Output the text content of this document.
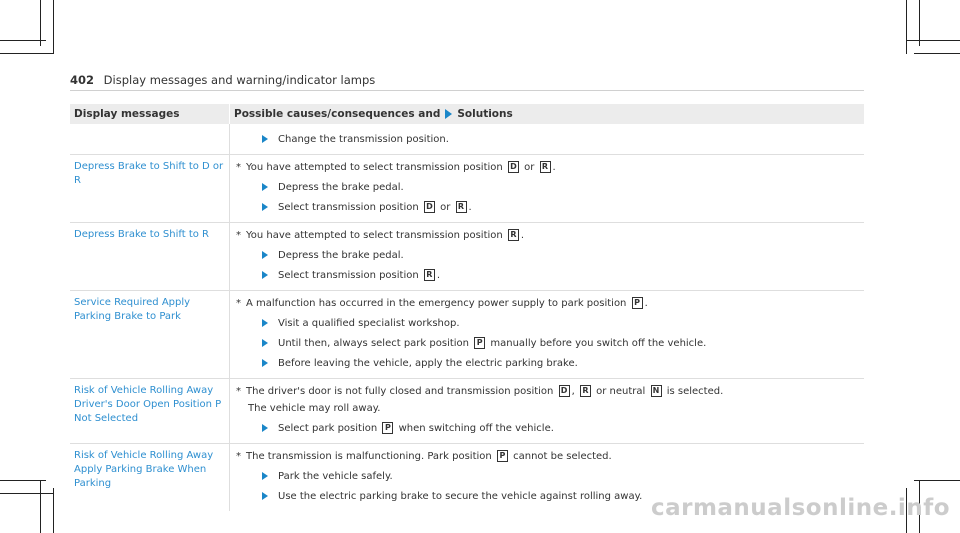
402 Display messages and warning/indicator lamps
Display messages	Possible causes/consequences and Solutions
Change the transmission position.
Depress Brake to Shift to D or R
* You have attempted to select transmission position D or R .
Depress the brake pedal.
Select transmission position D or R .
Depress Brake to Shift to R	* You have attempted to select transmission position R .
Depress the brake pedal.
Select transmission position R .
Service Required Apply Parking Brake to Park
* A malfunction has occurred in the emergency power supply to park position P .
Visit a qualified specialist workshop.
Until then, always select park position P manually before you switch off the vehicle.
Before leaving the vehicle, apply the electric parking brake.
Risk of Vehicle Rolling Away Driver's Door Open Position P Not Selected
* The driver's door is not fully closed and transmission position D , R or neutral N is selected.
The vehicle may roll away.
Select park position P when switching off the vehicle.
Risk of Vehicle Rolling Away Apply Parking Brake When Parking
* The transmission is malfunctioning. Park position P cannot be selected.
Park the vehicle safely.
Use the electric parking brake to secure the vehicle against rolling away. carmanualsonline.info
